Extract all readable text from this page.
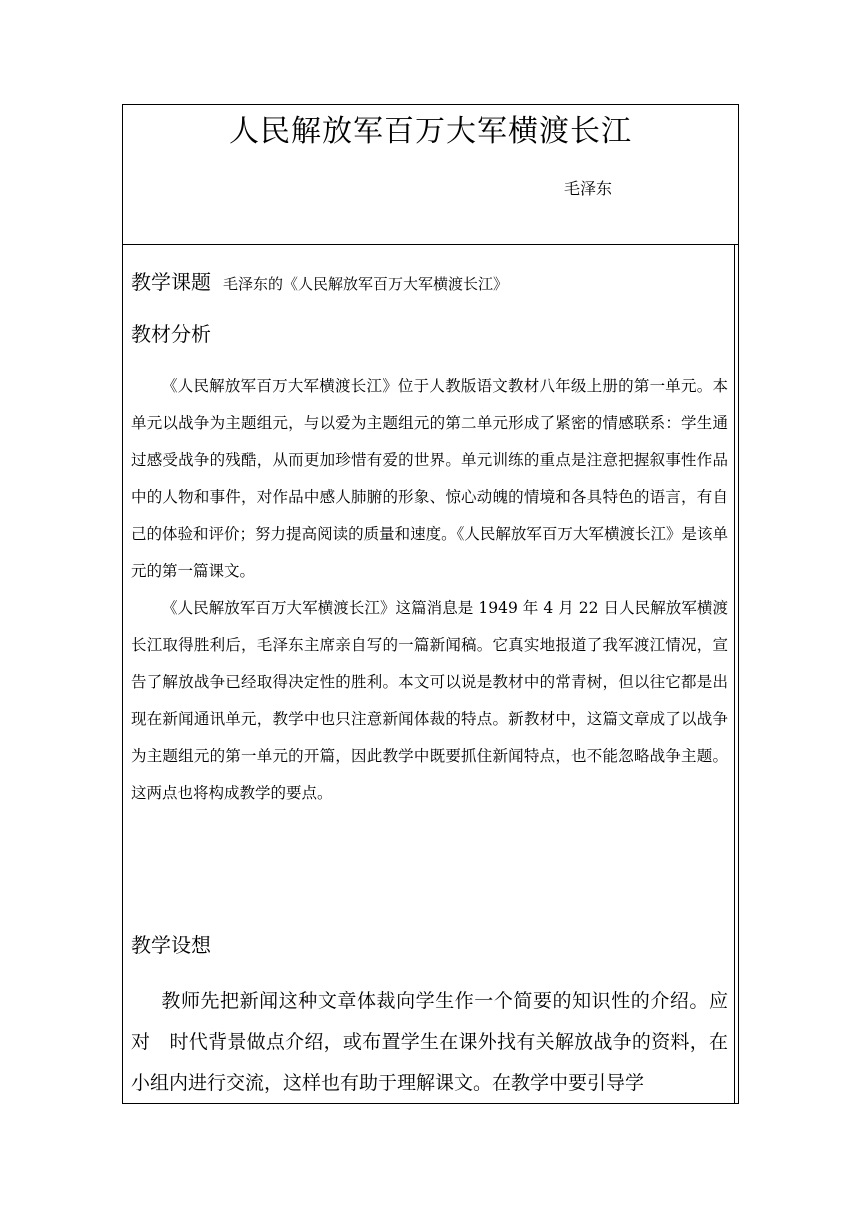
人民解放军百万大军横渡长江
毛泽东
教学课题 毛泽东的《人民解放军百万大军横渡长江》
教材分析

《人民解放军百万大军横渡长江》位于人教版语文教材八年级上册的第一单元。本单元以战争为主题组元，与以爱为主题组元的第二单元形成了紧密的情感联系：学生通过感受战争的残酷，从而更加珍惜有爱的世界。单元训练的重点是注意把握叙事性作品中的人物和事件，对作品中感人肺腑的形象、惊心动魄的情境和各具特色的语言，有自己的体验和评价；努力提高阅读的质量和速度。《人民解放军百万大军横渡长江》是该单元的第一篇课文。

《人民解放军百万大军横渡长江》这篇消息是 1949 年 4 月 22 日人民解放军横渡长江取得胜利后，毛泽东主席亲自写的一篇新闻稿。它真实地报道了我军渡江情况，宣告了解放战争已经取得决定性的胜利。本文可以说是教材中的常青树，但以往它都是出现在新闻通讯单元，教学中也只注意新闻体裁的特点。新教材中，这篇文章成了以战争为主题组元的第一单元的开篇，因此教学中既要抓住新闻特点，也不能忽略战争主题。这两点也将构成教学的要点。

教学设想

教师先把新闻这种文章体裁向学生作一个简要的知识性的介绍。应对　时代背景做点介绍，或布置学生在课外找有关解放战争的资料，在小组内进行交流，这样也有助于理解课文。在教学中要引导学
